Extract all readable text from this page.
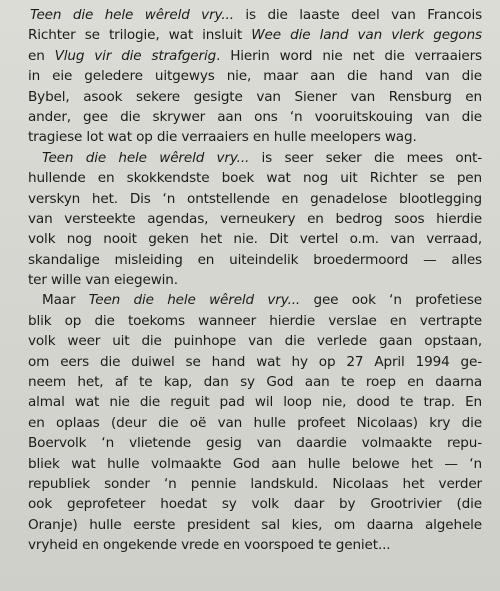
Teen die hele wêreld vry... is die laaste deel van Francois
Richter se trilogie, wat insluit Wee die land van vlerk gegons
en Vlug vir die strafgerig. Hierin word nie net die verraaiers
in eie geledere uitgewys nie, maar aan die hand van die
Bybel, asook sekere gesigte van Siener van Rensburg en
ander, gee die skrywer aan ons ‘n vooruitskouing van die
tragiese lot wat op die verraaiers en hulle meelopers wag.
Teen die hele wêreld vry... is seer seker die mees ont-
hullende en skokkendste boek wat nog uit Richter se pen
verskyn het. Dis ‘n ontstellende en genadelose blootlegging
van versteekte agendas, verneukery en bedrog soos hierdie
volk nog nooit geken het nie. Dit vertel o.m. van verraad,
skandalige misleiding en uiteindelik broedermoord — alles
ter wille van eiegewin.
Maar Teen die hele wêreld vry... gee ook ‘n profetiese
blik op die toekoms wanneer hierdie verslae en vertrapte
volk weer uit die puinhope van die verlede gaan opstaan,
om eers die duiwel se hand wat hy op 27 April 1994 ge-
neem het, af te kap, dan sy God aan te roep en daarna
almal wat nie die reguit pad wil loop nie, dood te trap. En
en oplaas (deur die oë van hulle profeet Nicolaas) kry die
Boervolk ‘n vlietende gesig van daardie volmaakte repu-
bliek wat hulle volmaakte God aan hulle belowe het — ‘n
republiek sonder ‘n pennie landskuld. Nicolaas het verder
ook geprofeteer hoedat sy volk daar by Grootrivier (die
Oranje) hulle eerste president sal kies, om daarna algehele
vryheid en ongekende vrede en voorspoed te geniet...
